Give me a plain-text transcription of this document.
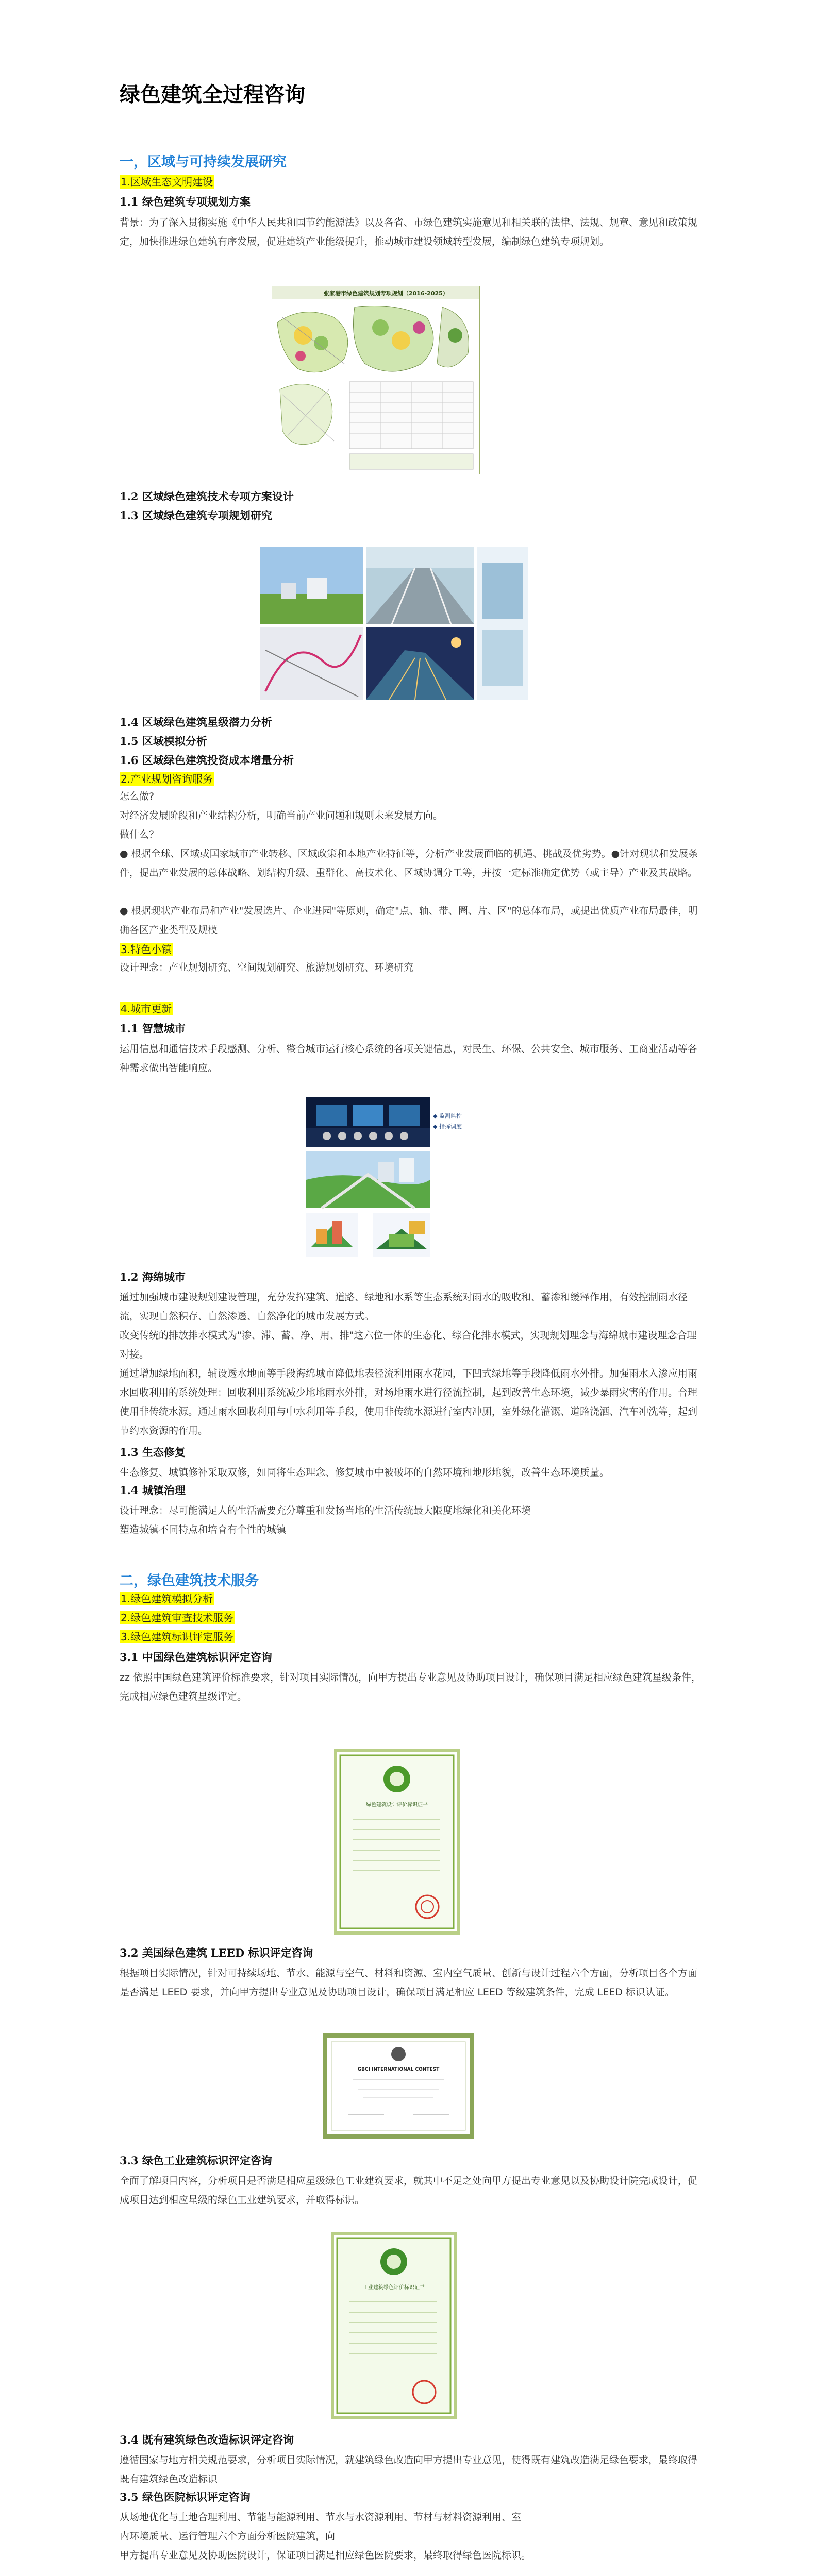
绿色建筑全过程咨询
一，区域与可持续发展研究
1.区域生态文明建设
1.1 绿色建筑专项规划方案

背景：为了深入贯彻实施《中华人民共和国节约能源法》以及各省、市绿色建筑实施意见和相关联的法律、法规、规章、意见和政策规定，加快推进绿色建筑有序发展，促进建筑产业能级提升，推动城市建设领域转型发展，编制绿色建筑专项规划。

张家港市绿色建筑规划专项规划（2016-2025）
1.2 区域绿色建筑技术专项方案设计
1.3 区域绿色建筑专项规划研究
1.4 区域绿色建筑星级潜力分析
1.5 区域模拟分析
1.6 区域绿色建筑投资成本增量分析
2.产业规划咨询服务

怎么做?

对经济发展阶段和产业结构分析，明确当前产业问题和规则未来发展方向。

做什么？

● 根据全球、区域或国家城市产业转移、区域政策和本地产业特征等，分析产业发展面临的机遇、挑战及优劣势。●针对现状和发展条件，提出产业发展的总体战略、划结构升级、重群化、高技术化、区域协调分工等，并按一定标准确定优势（或主导）产业及其战略。

● 根据现状产业布局和产业"发展选片、企业进园"等原则，确定"点、轴、带、圈、片、区"的总体布局，或提出优质产业布局最佳，明确各区产业类型及规模

3.特色小镇

设计理念：产业规划研究、空间规划研究、旅游规划研究、环境研究

4.城市更新
1.1 智慧城市

运用信息和通信技术手段感测、分析、整合城市运行核心系统的各项关键信息，对民生、环保、公共安全、城市服务、工商业活动等各种需求做出智能响应。

◆ 监测监控
◆ 指挥调度
1.2 海绵城市

通过加强城市建设规划建设管理，充分发挥建筑、道路、绿地和水系等生态系统对雨水的吸收和、蓄渗和缓释作用，有效控制雨水径流，实现自然积存、自然渗透、自然净化的城市发展方式。

改变传统的排放排水模式为"渗、滞、蓄、净、用、排"这六位一体的生态化、综合化排水模式，实现规划理念与海绵城市建设理念合理对接。

通过增加绿地面积，辅设透水地面等手段海绵城市降低地表径流利用雨水花园，下凹式绿地等手段降低雨水外排。加强雨水入渗应用雨水回收利用的系统处理：回收利用系统减少地地雨水外排，对场地雨水进行径流控制，起到改善生态环境，减少暴雨灾害的作用。合理使用非传统水源。通过雨水回收利用与中水利用等手段，使用非传统水源进行室内冲厕，室外绿化灌溉、道路浇洒、汽车冲洗等，起到节约水资源的作用。

1.3 生态修复

生态修复、城镇修补采取双修，如同将生态理念、修复城市中被破坏的自然环境和地形地貌，改善生态环境质量。

1.4 城镇治理

设计理念：尽可能满足人的生活需要充分尊重和发扬当地的生活传统最大限度地绿化和美化环境

塑造城镇不同特点和培育有个性的城镇

二，绿色建筑技术服务
1.绿色建筑模拟分析
2.绿色建筑审查技术服务
3.绿色建筑标识评定服务
3.1 中国绿色建筑标识评定咨询

zz 依照中国绿色建筑评价标准要求，针对项目实际情况，向甲方提出专业意见及协助项目设计，确保项目满足相应绿色建筑星级条件，完成相应绿色建筑星级评定。

绿色建筑设计评价标识证书
3.2 美国绿色建筑 LEED 标识评定咨询

根据项目实际情况，针对可持续场地、节水、能源与空气、材料和资源、室内空气质量、创新与设计过程六个方面，分析项目各个方面是否满足 LEED 要求，并向甲方提出专业意见及协助项目设计，确保项目满足相应 LEED 等级建筑条件，完成 LEED 标识认证。

GBCI INTERNATIONAL CONTEST
3.3 绿色工业建筑标识评定咨询

全面了解项目内容，分析项目是否满足相应星级绿色工业建筑要求，就其中不足之处向甲方提出专业意见以及协助设计院完成设计，促成项目达到相应星级的绿色工业建筑要求，并取得标识。

工业建筑绿色评价标识证书
3.4 既有建筑绿色改造标识评定咨询

遵循国家与地方相关规范要求，分析项目实际情况，就建筑绿色改造向甲方提出专业意见，使得既有建筑改造满足绿色要求，最终取得既有建筑绿色改造标识

3.5 绿色医院标识评定咨询

从场地优化与土地合理利用、节能与能源利用、节水与水资源利用、节材与材料资源利用、室

内环境质量、运行管理六个方面分析医院建筑，向

甲方提出专业意见及协助医院设计，保证项目满足相应绿色医院要求，最终取得绿色医院标识。
